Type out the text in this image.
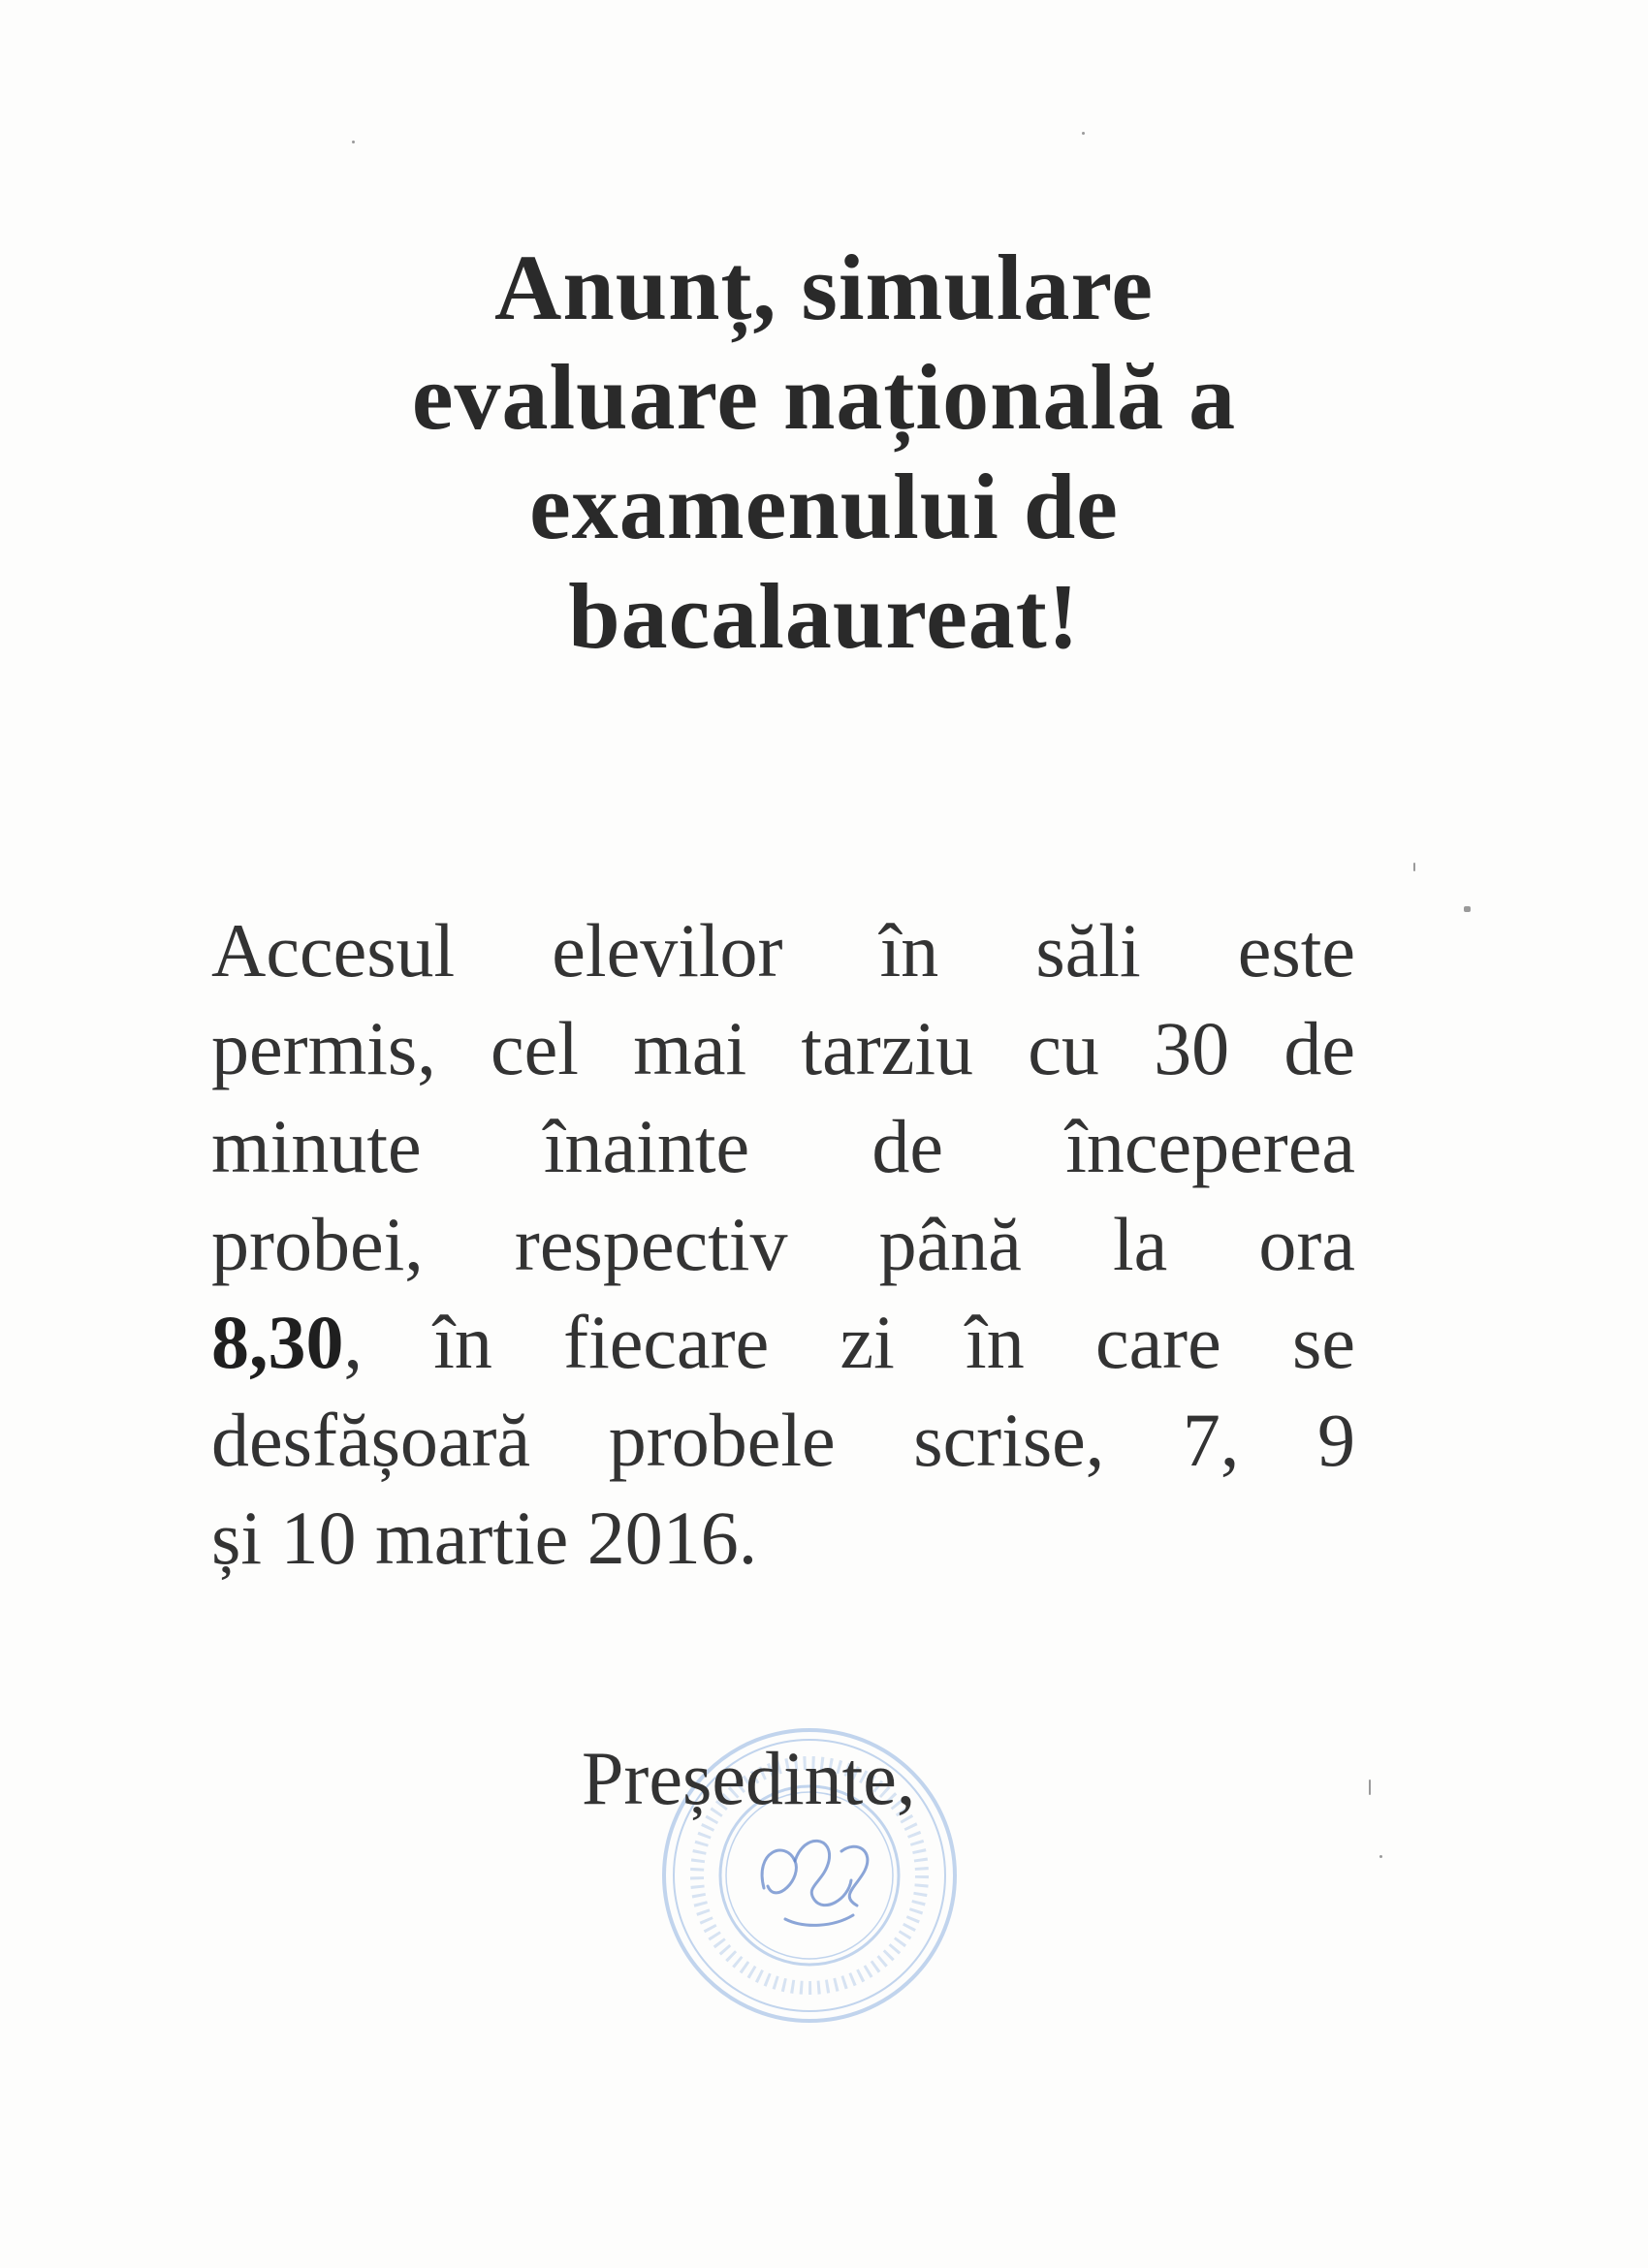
Anunț, simulare
evaluare națională a
examenului de
bacalaureat!
Accesul elevilor în săli este
permis, cel mai tarziu cu 30 de
minute înainte de începerea
probei, respectiv până la ora
8,30, în fiecare zi în care se
desfășoară probele scrise, 7, 9
și 10 martie 2016.
Președinte,
